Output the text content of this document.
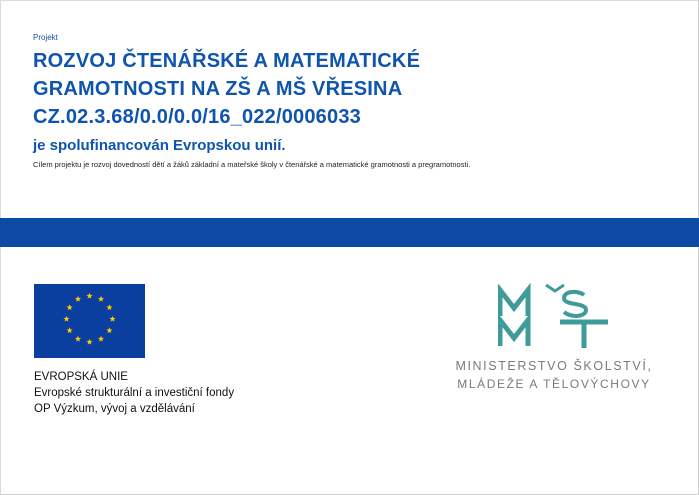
Projekt

ROZVOJ ČTENÁŘSKÉ A MATEMATICKÉ
GRAMOTNOSTI NA ZŠ A MŠ VŘESINA
CZ.02.3.68/0.0/0.0/16_022/0006033

je spolufinancován Evropskou unií.

Cílem projektu je rozvoj dovedností dětí a žáků základní a mateřské školy v čtenářské a matematické gramotnosti a pregramotnosti.

EVROPSKÁ UNIE
Evropské strukturální a investiční fondy
OP Výzkum, vývoj a vzdělávání
MINISTERSTVO ŠKOLSTVÍ,
MLÁDEŽE A TĚLOVÝCHOVY
